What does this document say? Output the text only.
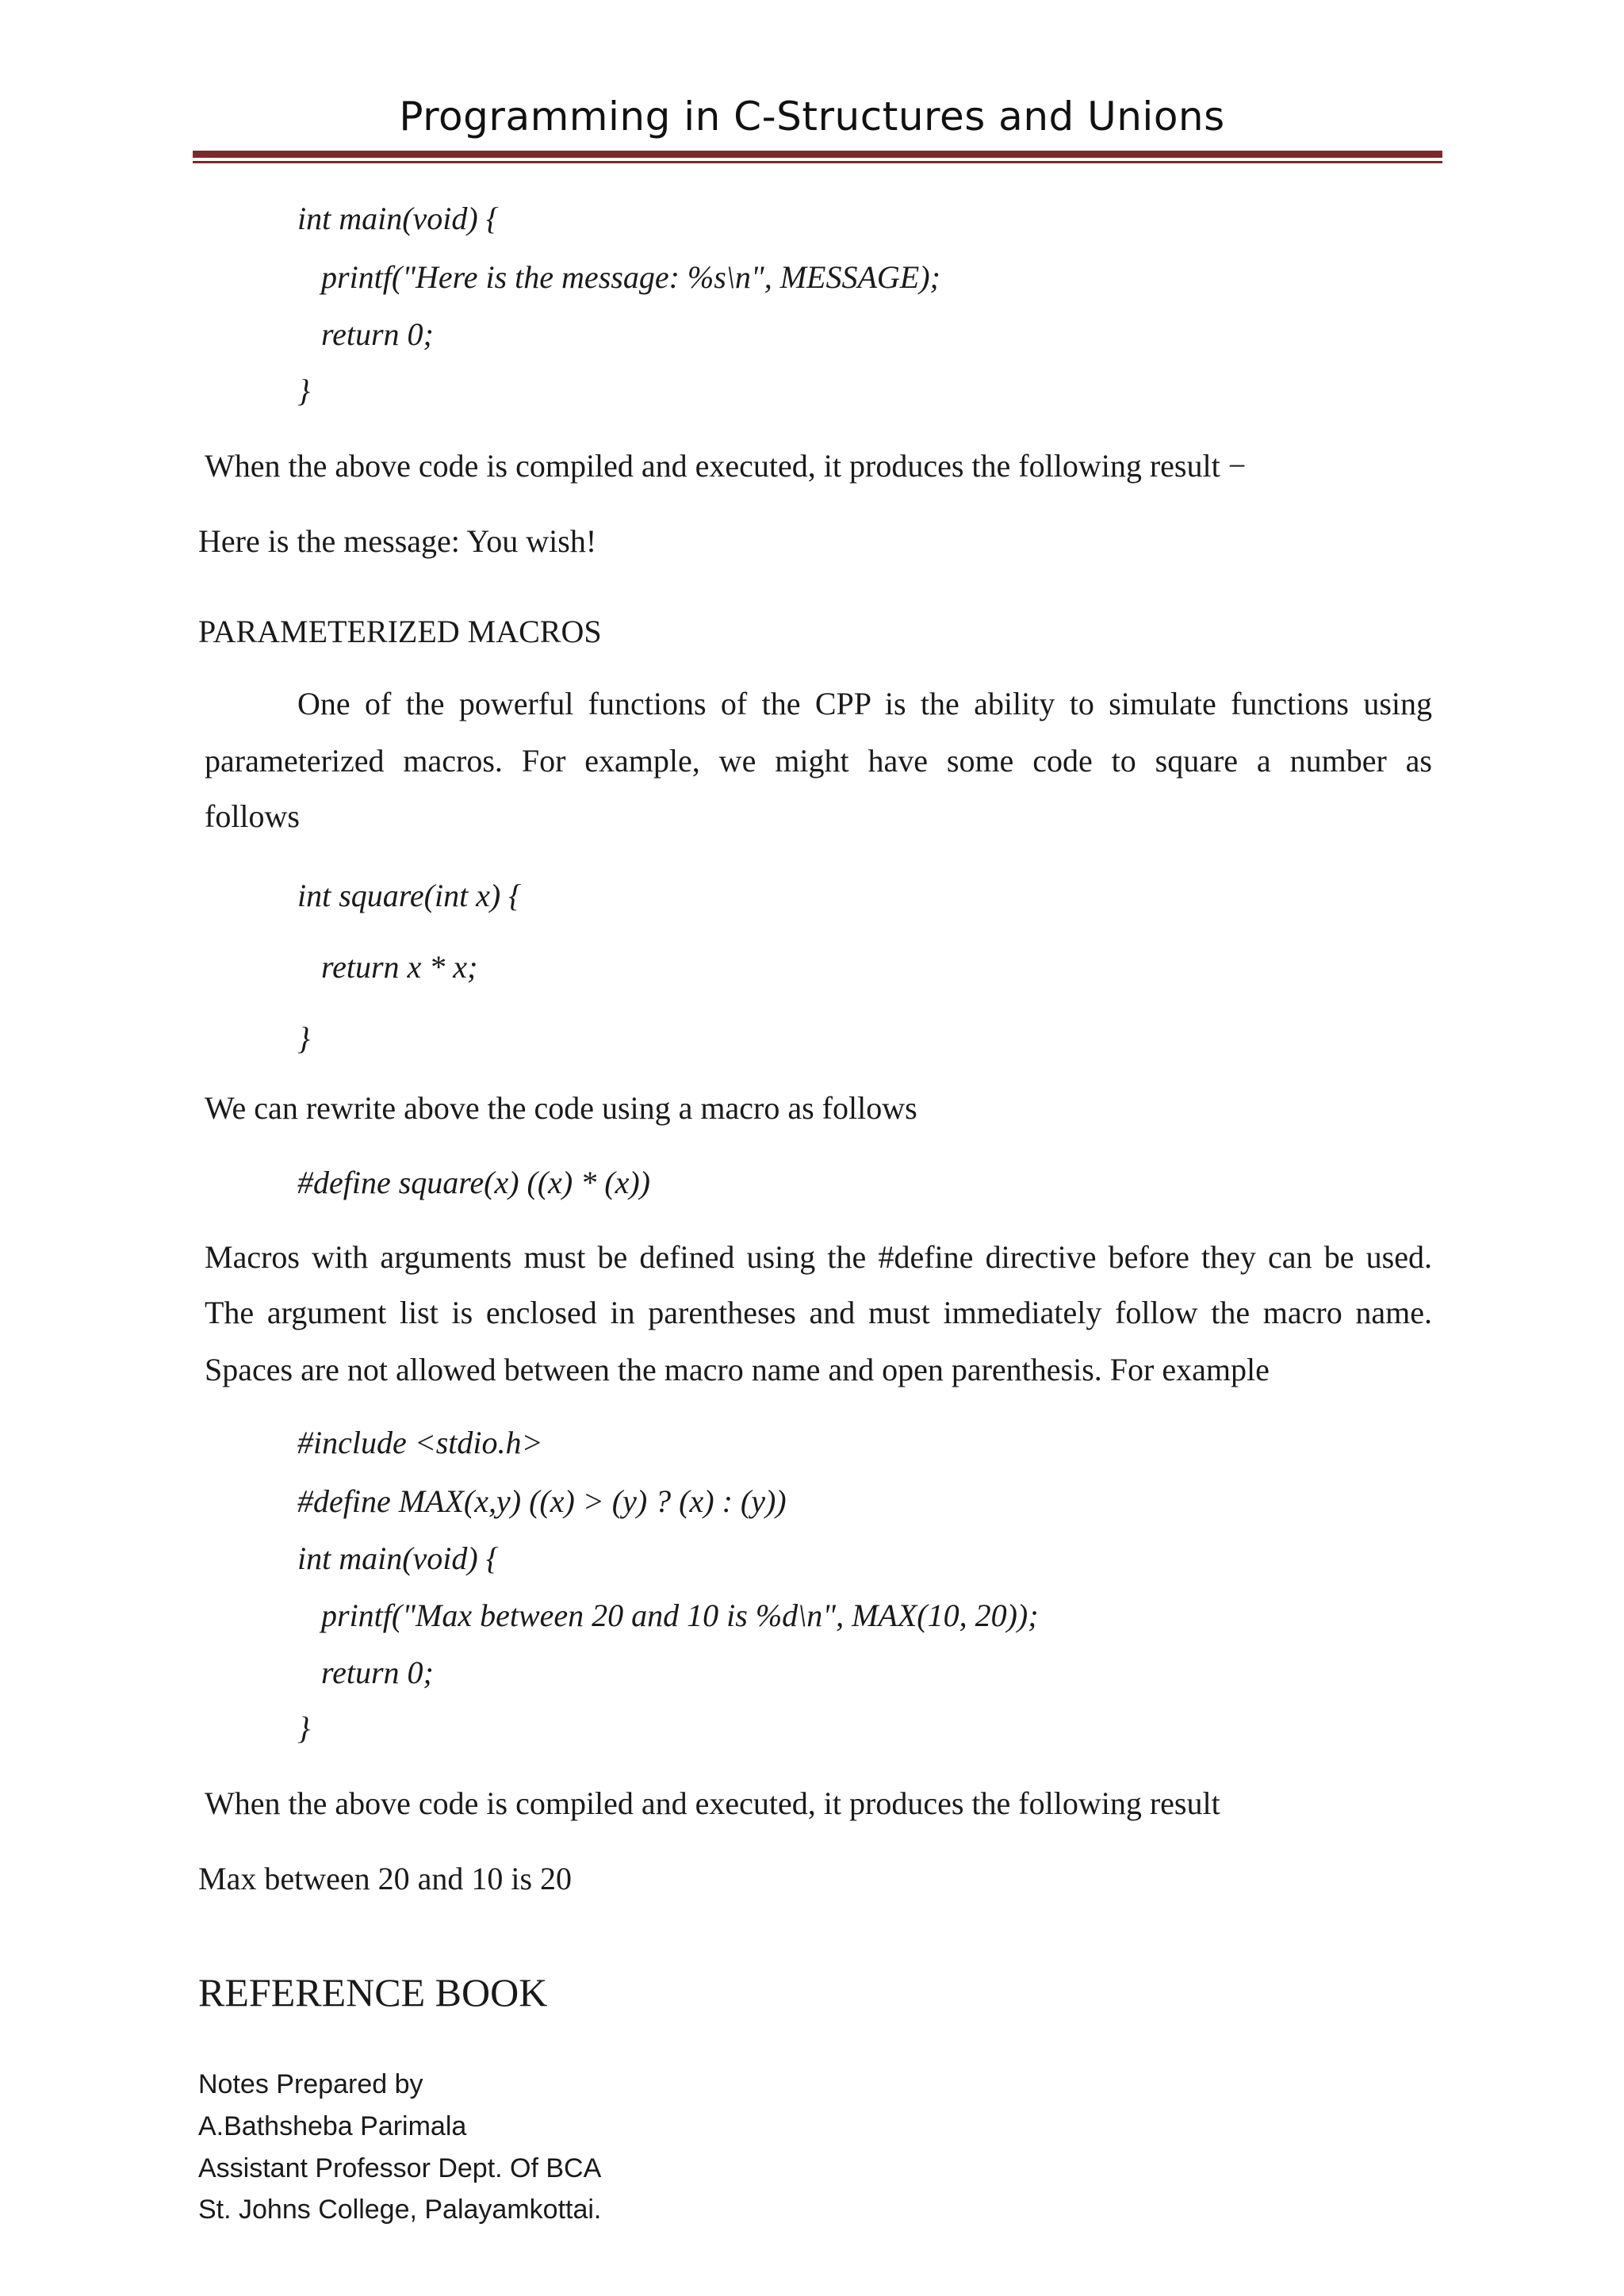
Programming in C-Structures and Unions
int main(void) {
printf("Here is the message: %s\n", MESSAGE);
return 0;
}
When the above code is compiled and executed, it produces the following result −
Here is the message: You wish!
PARAMETERIZED MACROS
One of the powerful functions of the CPP is the ability to simulate functions using
parameterized macros. For example, we might have some code to square a number as
follows
int square(int x) {
return x * x;
}
We can rewrite above the code using a macro as follows
#define square(x) ((x) * (x))
Macros with arguments must be defined using the #define directive before they can be used.
The argument list is enclosed in parentheses and must immediately follow the macro name.
Spaces are not allowed between the macro name and open parenthesis. For example
#include <stdio.h>
#define MAX(x,y) ((x) > (y) ? (x) : (y))
int main(void) {
printf("Max between 20 and 10 is %d\n", MAX(10, 20));
return 0;
}
When the above code is compiled and executed, it produces the following result
Max between 20 and 10 is 20
REFERENCE BOOK
Notes Prepared by
A.Bathsheba Parimala
Assistant Professor Dept. Of BCA
St. Johns College, Palayamkottai.
